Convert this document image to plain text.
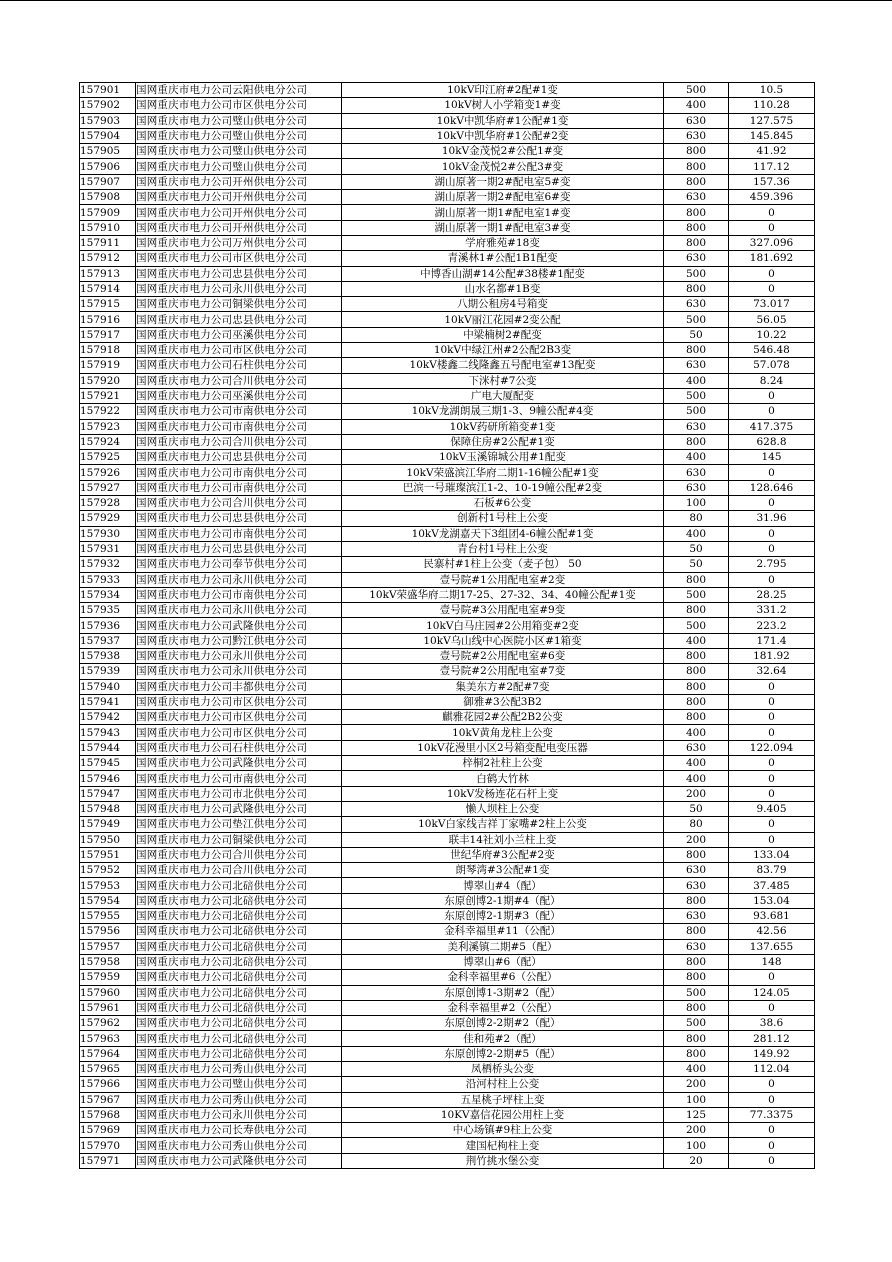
157901	国网重庆市电力公司云阳供电分公司	10kV印江府#2配#1变	500	10.5
157902	国网重庆市电力公司市区供电分公司	10kV树人小学箱变1#变	400	110.28
157903	国网重庆市电力公司璧山供电分公司	10kV中凯华府#1公配#1变	630	127.575
157904	国网重庆市电力公司璧山供电分公司	10kV中凯华府#1公配#2变	630	145.845
157905	国网重庆市电力公司璧山供电分公司	10kV金茂悦2#公配1#变	800	41.92
157906	国网重庆市电力公司璧山供电分公司	10kV金茂悦2#公配3#变	800	117.12
157907	国网重庆市电力公司开州供电分公司	湖山原著一期2#配电室5#变	800	157.36
157908	国网重庆市电力公司开州供电分公司	湖山原著一期2#配电室6#变	630	459.396
157909	国网重庆市电力公司开州供电分公司	湖山原著一期1#配电室1#变	800	0
157910	国网重庆市电力公司开州供电分公司	湖山原著一期1#配电室3#变	800	0
157911	国网重庆市电力公司万州供电分公司	学府雅苑#18变	800	327.096
157912	国网重庆市电力公司市区供电分公司	青溪林1#公配1B1配变	630	181.692
157913	国网重庆市电力公司忠县供电分公司	中博香山湖#14公配#38楼#1配变	500	0
157914	国网重庆市电力公司永川供电分公司	山水名都#1B变	800	0
157915	国网重庆市电力公司铜梁供电分公司	八期公租房4号箱变	630	73.017
157916	国网重庆市电力公司忠县供电分公司	10kV丽江花园#2变公配	500	56.05
157917	国网重庆市电力公司巫溪供电分公司	中梁楠树2#配变	50	10.22
157918	国网重庆市电力公司市区供电分公司	10kV中绿江州#2公配2B3变	800	546.48
157919	国网重庆市电力公司石柱供电分公司	10kV楼鑫二线隆鑫五号配电室#13配变	630	57.078
157920	国网重庆市电力公司合川供电分公司	下洣村#7公变	400	8.24
157921	国网重庆市电力公司巫溪供电分公司	广电大厦配变	500	0
157922	国网重庆市电力公司市南供电分公司	10kV龙湖朗晟三期1-3、9幢公配#4变	500	0
157923	国网重庆市电力公司市南供电分公司	10kV药研所箱变#1变	630	417.375
157924	国网重庆市电力公司合川供电分公司	保障住房#2公配#1变	800	628.8
157925	国网重庆市电力公司忠县供电分公司	10kV玉溪锦城公用#1配变	400	145
157926	国网重庆市电力公司市南供电分公司	10kV荣盛滨江华府二期1-16幢公配#1变	630	0
157927	国网重庆市电力公司市南供电分公司	巴滨一号璀璨滨江1-2、10-19幢公配#2变	630	128.646
157928	国网重庆市电力公司合川供电分公司	石板#6公变	100	0
157929	国网重庆市电力公司忠县供电分公司	创新村1号柱上公变	80	31.96
157930	国网重庆市电力公司市南供电分公司	10kV龙湖嘉天下3组团4-6幢公配#1变	400	0
157931	国网重庆市电力公司忠县供电分公司	青台村1号柱上公变	50	0
157932	国网重庆市电力公司奉节供电分公司	民寨村#1柱上公变（麦子包） 50	50	2.795
157933	国网重庆市电力公司永川供电分公司	壹号院#1公用配电室#2变	800	0
157934	国网重庆市电力公司市南供电分公司	10kV荣盛华府二期17-25、27-32、34、40幢公配#1变	500	28.25
157935	国网重庆市电力公司永川供电分公司	壹号院#3公用配电室#9变	800	331.2
157936	国网重庆市电力公司武隆供电分公司	10kV白马庄园#2公用箱变#2变	500	223.2
157937	国网重庆市电力公司黔江供电分公司	10kV乌山线中心医院小区#1箱变	400	171.4
157938	国网重庆市电力公司永川供电分公司	壹号院#2公用配电室#6变	800	181.92
157939	国网重庆市电力公司永川供电分公司	壹号院#2公用配电室#7变	800	32.64
157940	国网重庆市电力公司丰都供电分公司	集美东方#2配#7变	800	0
157941	国网重庆市电力公司市区供电分公司	御雅#3公配3B2	800	0
157942	国网重庆市电力公司市区供电分公司	麒雅花园2#公配2B2公变	800	0
157943	国网重庆市电力公司市区供电分公司	10kV黄角龙柱上公变	400	0
157944	国网重庆市电力公司石柱供电分公司	10kV花漫里小区2号箱变配电变压器	630	122.094
157945	国网重庆市电力公司武隆供电分公司	梓桐2社柱上公变	400	0
157946	国网重庆市电力公司市南供电分公司	白鹤大竹林	400	0
157947	国网重庆市电力公司市北供电分公司	10kV发杨连花石杆上变	200	0
157948	国网重庆市电力公司武隆供电分公司	懒人坝柱上公变	50	9.405
157949	国网重庆市电力公司垫江供电分公司	10kV白家线吉祥丁家嘴#2柱上公变	80	0
157950	国网重庆市电力公司铜梁供电分公司	联丰14社刘小兰柱上变	200	0
157951	国网重庆市电力公司合川供电分公司	世纪华府#3公配#2变	800	133.04
157952	国网重庆市电力公司合川供电分公司	朗琴湾#3公配#1变	630	83.79
157953	国网重庆市电力公司北碚供电分公司	博翠山#4（配）	630	37.485
157954	国网重庆市电力公司北碚供电分公司	东原创博2-1期#4（配）	800	153.04
157955	国网重庆市电力公司北碚供电分公司	东原创博2-1期#3（配）	630	93.681
157956	国网重庆市电力公司北碚供电分公司	金科幸福里#11（公配）	800	42.56
157957	国网重庆市电力公司北碚供电分公司	美利溪镇二期#5（配）	630	137.655
157958	国网重庆市电力公司北碚供电分公司	博翠山#6（配）	800	148
157959	国网重庆市电力公司北碚供电分公司	金科幸福里#6（公配）	800	0
157960	国网重庆市电力公司北碚供电分公司	东原创博1-3期#2（配）	500	124.05
157961	国网重庆市电力公司北碚供电分公司	金科幸福里#2（公配）	800	0
157962	国网重庆市电力公司北碚供电分公司	东原创博2-2期#2（配）	500	38.6
157963	国网重庆市电力公司北碚供电分公司	佳和苑#2（配）	800	281.12
157964	国网重庆市电力公司北碚供电分公司	东原创博2-2期#5（配）	800	149.92
157965	国网重庆市电力公司秀山供电分公司	凤栖桥头公变	400	112.04
157966	国网重庆市电力公司璧山供电分公司	沿河村柱上公变	200	0
157967	国网重庆市电力公司秀山供电分公司	五星桃子坪柱上变	100	0
157968	国网重庆市电力公司永川供电分公司	10KV嘉信花园公用柱上变	125	77.3375
157969	国网重庆市电力公司长寿供电分公司	中心场镇#9柱上公变	200	0
157970	国网重庆市电力公司秀山供电分公司	建国杞枸柱上变	100	0
157971	国网重庆市电力公司武隆供电分公司	荆竹挑水堡公变	20	0
